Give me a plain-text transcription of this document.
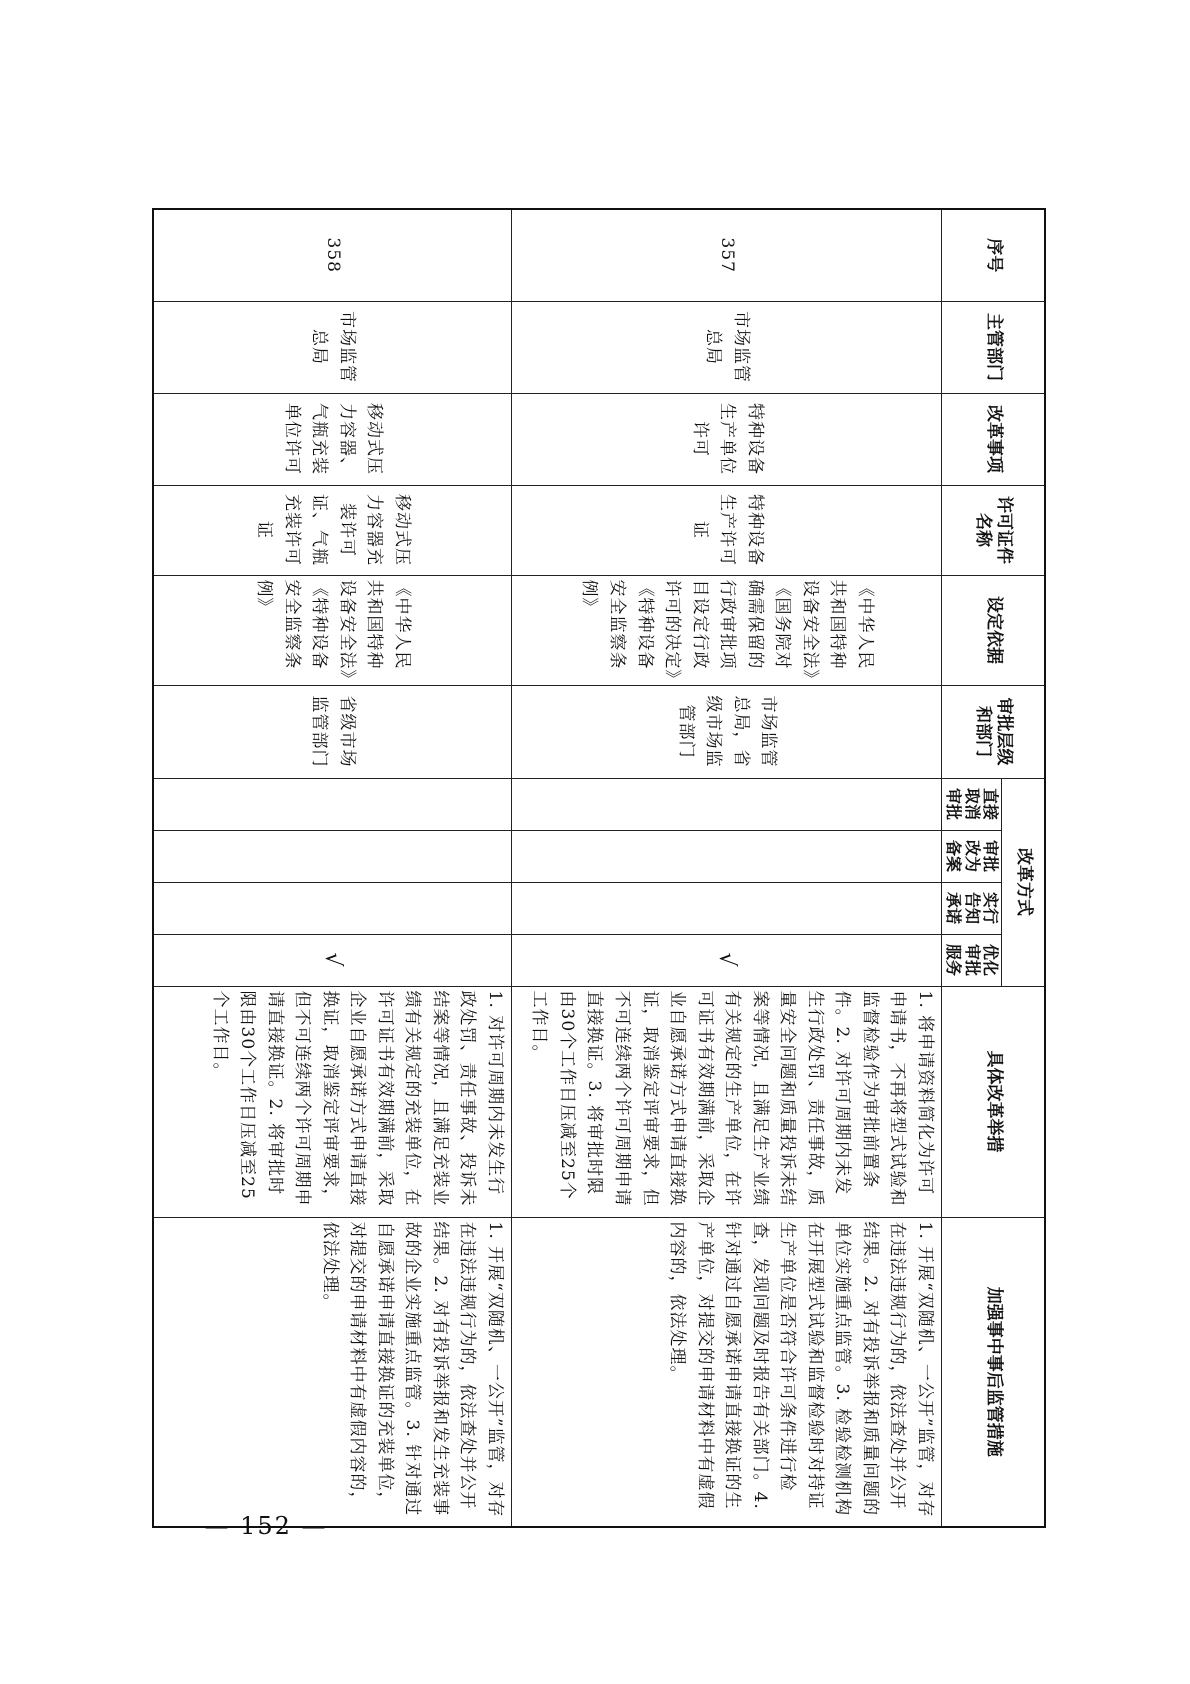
序号	主管部门	改革事项	许可证件名称	设定依据	审批层级和部门	改革方式				具体改革举措	加强事中事后监管措施
						直接取消审批	审批改为备案	实行告知承诺	优化审批服务		
357	市场监管总局	特种设备生产单位许可	特种设备生产许可证	《中华人民共和国特种设备安全法》《国务院对确需保留的行政审批项目设定行政许可的决定》《特种设备安全监察条例》	市场监管总局，省级市场监管部门				√	1. 将申请资料简化为许可申请书，不再将型式试验和监督检验作为审批前置条件。2. 对许可周期内未发生行政处罚、责任事故，质量安全问题和质量投诉未结案等情况，且满足生产业绩有关规定的生产单位，在许可证书有效期满前，采取企业自愿承诺方式申请直接换证，取消鉴定评审要求，但不可连续两个许可周期申请直接换证。3. 将审批时限由30个工作日压减至25个工作日。	1. 开展“双随机、一公开”监管，对存在违法违规行为的，依法查处并公开结果。2. 对有投诉举报和质量问题的单位实施重点监管。3. 检验检测机构在开展型式试验和监督检验时对持证生产单位是否符合许可条件进行检查，发现问题及时报告有关部门。4. 针对通过自愿承诺申请直接换证的生产单位，对提交的申请材料中有虚假内容的，依法处理。
358	市场监管总局	移动式压力容器、气瓶充装单位许可	移动式压力容器充装许可证、气瓶充装许可证	《中华人民共和国特种设备安全法》《特种设备安全监察条例》	省级市场监管部门				√	1. 对许可周期内未发生行政处罚、责任事故、投诉未结案等情况，且满足充装业绩有关规定的充装单位，在许可证书有效期满前，采取企业自愿承诺方式申请直接换证，取消鉴定评审要求，但不可连续两个许可周期申请直接换证。2. 将审批时限由30个工作日压减至25个工作日。	1. 开展“双随机、一公开”监管，对存在违法违规行为的，依法查处并公开结果。2. 对有投诉举报和发生充装事故的企业实施重点监管。3. 针对通过自愿承诺申请直接换证的充装单位，对提交的申请材料中有虚假内容的，依法处理。
— 152 —
